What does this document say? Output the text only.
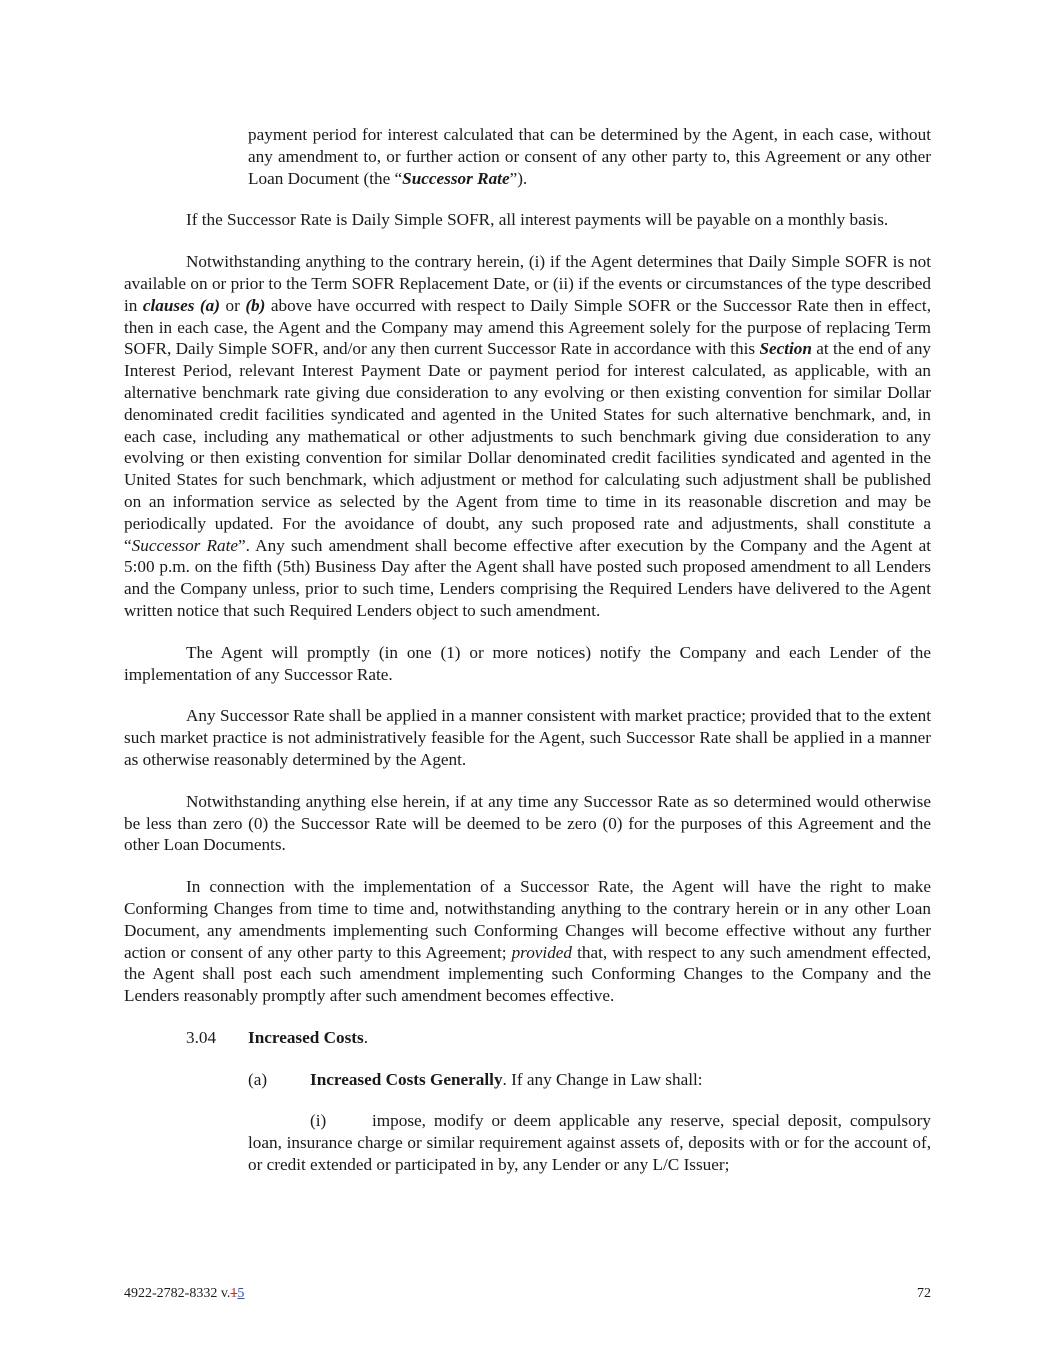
payment period for interest calculated that can be determined by the Agent, in each case, without any amendment to, or further action or consent of any other party to, this Agreement or any other Loan Document (the “Successor Rate”).

If the Successor Rate is Daily Simple SOFR, all interest payments will be payable on a monthly basis.

Notwithstanding anything to the contrary herein, (i) if the Agent determines that Daily Simple SOFR is not available on or prior to the Term SOFR Replacement Date, or (ii) if the events or circumstances of the type described in clauses (a) or (b) above have occurred with respect to Daily Simple SOFR or the Successor Rate then in effect, then in each case, the Agent and the Company may amend this Agreement solely for the purpose of replacing Term SOFR, Daily Simple SOFR, and/or any then current Successor Rate in accordance with this Section at the end of any Interest Period, relevant Interest Payment Date or payment period for interest calculated, as applicable, with an alternative benchmark rate giving due consideration to any evolving or then existing convention for similar Dollar denominated credit facilities syndicated and agented in the United States for such alternative benchmark, and, in each case, including any mathematical or other adjustments to such benchmark giving due consideration to any evolving or then existing convention for similar Dollar denominated credit facilities syndicated and agented in the United States for such benchmark, which adjustment or method for calculating such adjustment shall be published on an information service as selected by the Agent from time to time in its reasonable discretion and may be periodically updated. For the avoidance of doubt, any such proposed rate and adjustments, shall constitute a “Successor Rate”. Any such amendment shall become effective after execution by the Company and the Agent at 5:00 p.m. on the fifth (5th) Business Day after the Agent shall have posted such proposed amendment to all Lenders and the Company unless, prior to such time, Lenders comprising the Required Lenders have delivered to the Agent written notice that such Required Lenders object to such amendment.

The Agent will promptly (in one (1) or more notices) notify the Company and each Lender of the implementation of any Successor Rate.

Any Successor Rate shall be applied in a manner consistent with market practice; provided that to the extent such market practice is not administratively feasible for the Agent, such Successor Rate shall be applied in a manner as otherwise reasonably determined by the Agent.

Notwithstanding anything else herein, if at any time any Successor Rate as so determined would otherwise be less than zero (0) the Successor Rate will be deemed to be zero (0) for the purposes of this Agreement and the other Loan Documents.

In connection with the implementation of a Successor Rate, the Agent will have the right to make Conforming Changes from time to time and, notwithstanding anything to the contrary herein or in any other Loan Document, any amendments implementing such Conforming Changes will become effective without any further action or consent of any other party to this Agreement; provided that, with respect to any such amendment effected, the Agent shall post each such amendment implementing such Conforming Changes to the Company and the Lenders reasonably promptly after such amendment becomes effective.

3.04	Increased Costs.
(a)	Increased Costs Generally. If any Change in Law shall:

(i)	impose, modify or deem applicable any reserve, special deposit, compulsory loan, insurance charge or similar requirement against assets of, deposits with or for the account of, or credit extended or participated in by, any Lender or any L/C Issuer;

4922-2782-8332 v.15	72
